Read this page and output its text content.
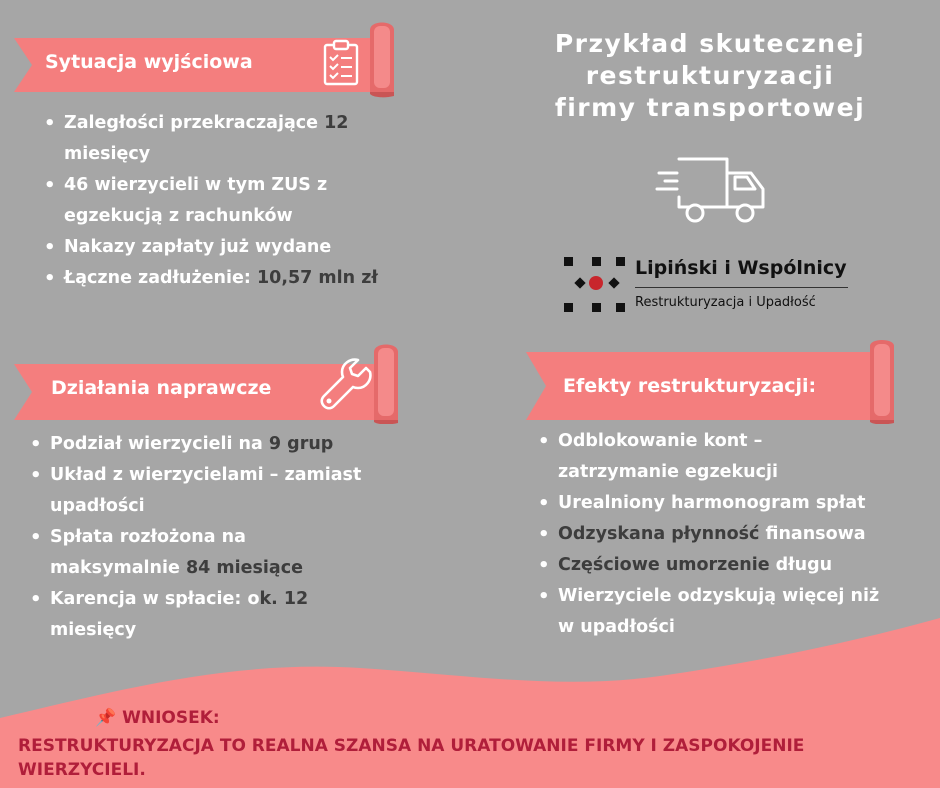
Sytuacja wyjściowa
Przykład skutecznej
restrukturyzacji
firmy transportowej
• Zaległości przekraczające 12
miesięcy
• 46 wierzycieli w tym ZUS z
egzekucją z rachunków
• Nakazy zapłaty już wydane
• Łączne zadłużenie: 10,57 mln zł	Lipiński i Wspólnicy
Restrukturyzacja i Upadłość
Działania naprawcze
• Podział wierzycieli na 9 grup
• Układ z wierzycielami – zamiast
upadłości
• Spłata rozłożona na
maksymalnie 84 miesiące
• Karencja w spłacie: ok. 12
miesięcy
Efekty restrukturyzacji:
• Odblokowanie kont –
zatrzymanie egzekucji
• Urealniony harmonogram spłat
• Odzyskana płynność finansowa
• Częściowe umorzenie długu
• Wierzyciele odzyskują więcej niż
w upadłości
📌 WNIOSEK:
RESTRUKTURYZACJA TO REALNA SZANSA NA URATOWANIE FIRMY I ZASPOKOJENIE WIERZYCIELI.
